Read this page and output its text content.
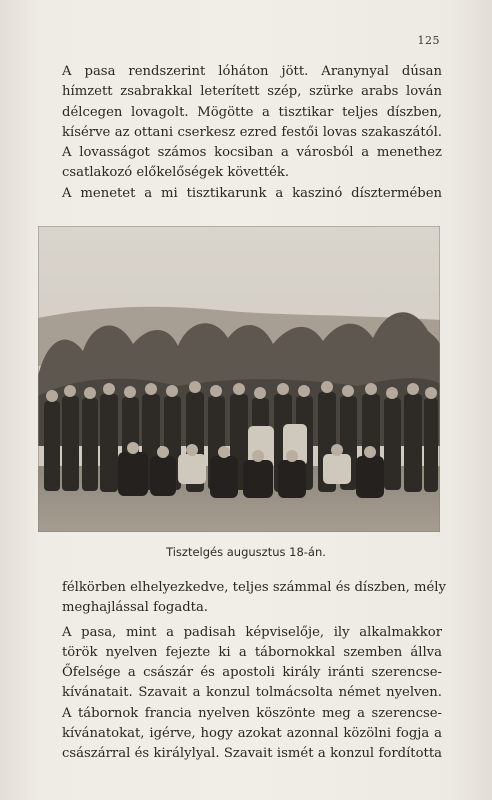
125
A pasa rendszerint lóháton jött. Aranynyal dúsan
hímzett zsabrakkal leterített szép, szürke arabs lován
délcegen lovagolt. Mögötte a tisztikar teljes díszben,
kísérve az ottani cserkesz ezred festői lovas szakaszától.
A lovasságot számos kocsiban a városból a menethez
csatlakozó előkelőségek követték.
A menetet a mi tisztikarunk a kaszinó dísztermében
Tisztelgés augusztus 18-án.
félkörben elhelyezkedve, teljes számmal és díszben, mély
meghajlással fogadta.
A pasa, mint a padisah képviselője, ily alkalmakkor
török nyelven fejezte ki a tábornokkal szemben állva
Őfelsége a császár és apostoli király iránti szerencse-
kívánatait. Szavait a konzul tolmácsolta német nyelven.
A tábornok francia nyelven köszönte meg a szerencse-
kívánatokat, igérve, hogy azokat azonnal közölni fogja a
császárral és királylyal. Szavait ismét a konzul fordította
